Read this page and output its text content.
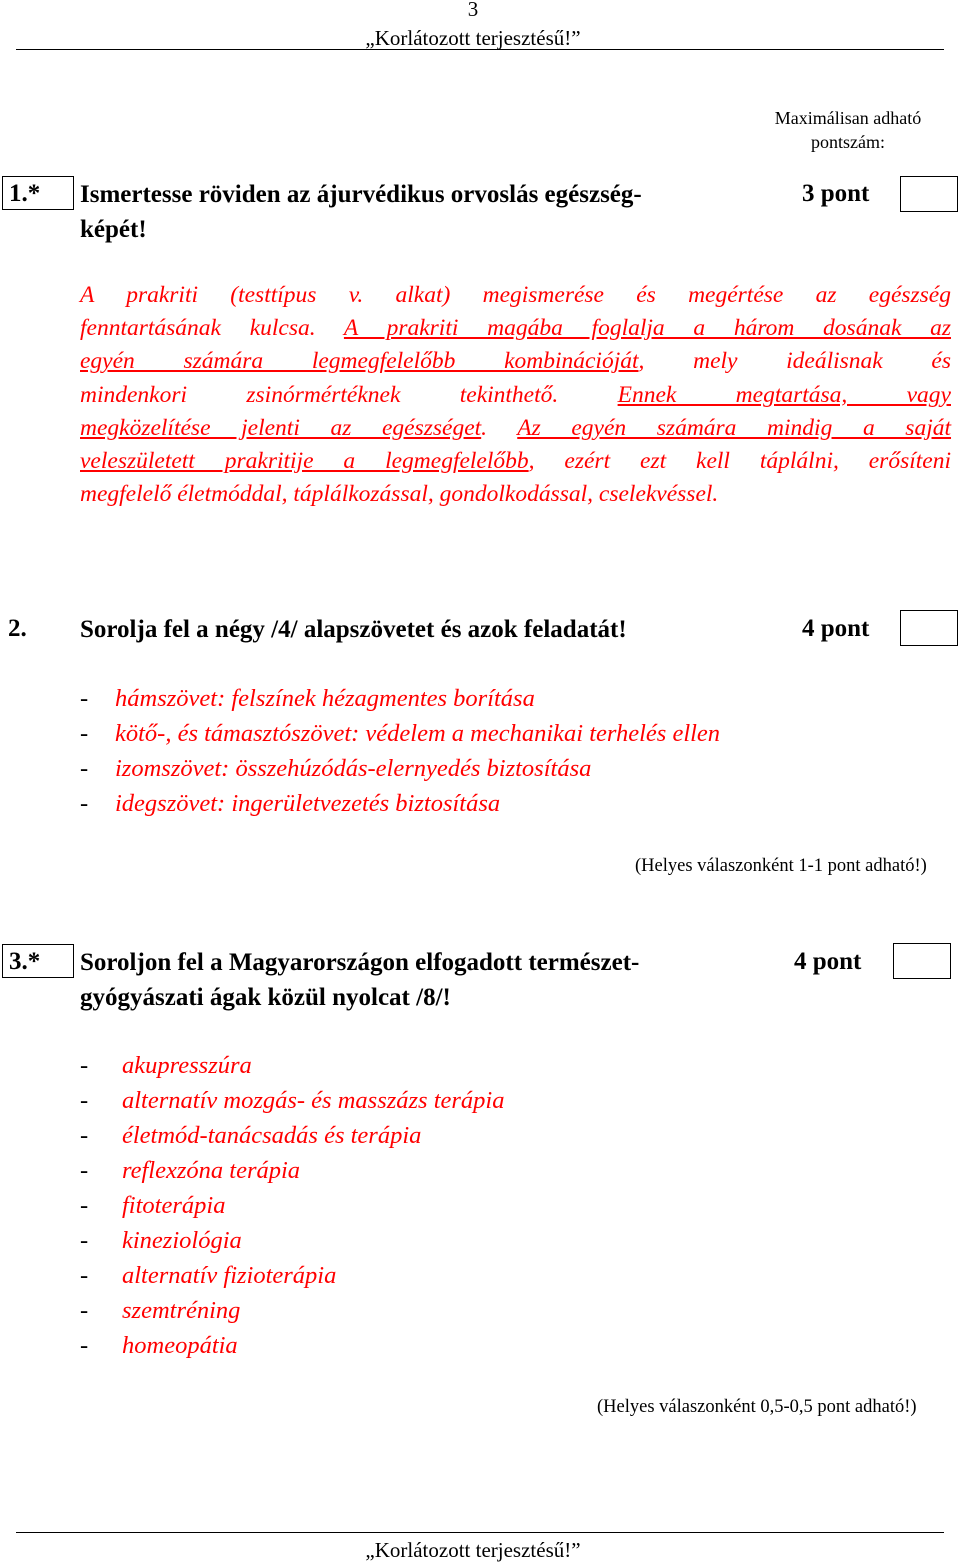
3
„Korlátozott terjesztésű!”
Maximálisan adható
pontszám:
1.*	Ismertesse röviden az ájurvédikus orvoslás egészség-
képét!
3 pont
A prakriti (testtípus v. alkat) megismerése és megértése az egészség
fenntartásának kulcsa. A prakriti magába foglalja a három dosának az
egyén számára legmegfelelőbb kombinációját, mely ideálisnak és
mindenkori zsinórmértéknek tekinthető. Ennek megtartása, vagy
megközelítése jelenti az egészséget. Az egyén számára mindig a saját
veleszületett prakritije a legmegfelelőbb, ezért ezt kell táplálni, erősíteni
megfelelő életmóddal, táplálkozással, gondolkodással, cselekvéssel.
2. Sorolja fel a négy /4/ alapszövetet és azok feladatát!	4 pont
- hámszövet: felszínek hézagmentes borítása
- kötő-, és támasztószövet: védelem a mechanikai terhelés ellen
- izomszövet: összehúzódás-elernyedés biztosítása
- idegszövet: ingerületvezetés biztosítása
(Helyes válaszonként 1-1 pont adható!)
3.*	Soroljon fel a Magyarországon elfogadott természet-
gyógyászati ágak közül nyolcat /8/!
4 pont
- akupresszúra
- alternatív mozgás- és masszázs terápia
- életmód-tanácsadás és terápia
- reflexzóna terápia
- fitoterápia
- kineziológia
- alternatív fizioterápia
- szemtréning
- homeopátia
(Helyes válaszonként 0,5-0,5 pont adható!)
„Korlátozott terjesztésű!”
